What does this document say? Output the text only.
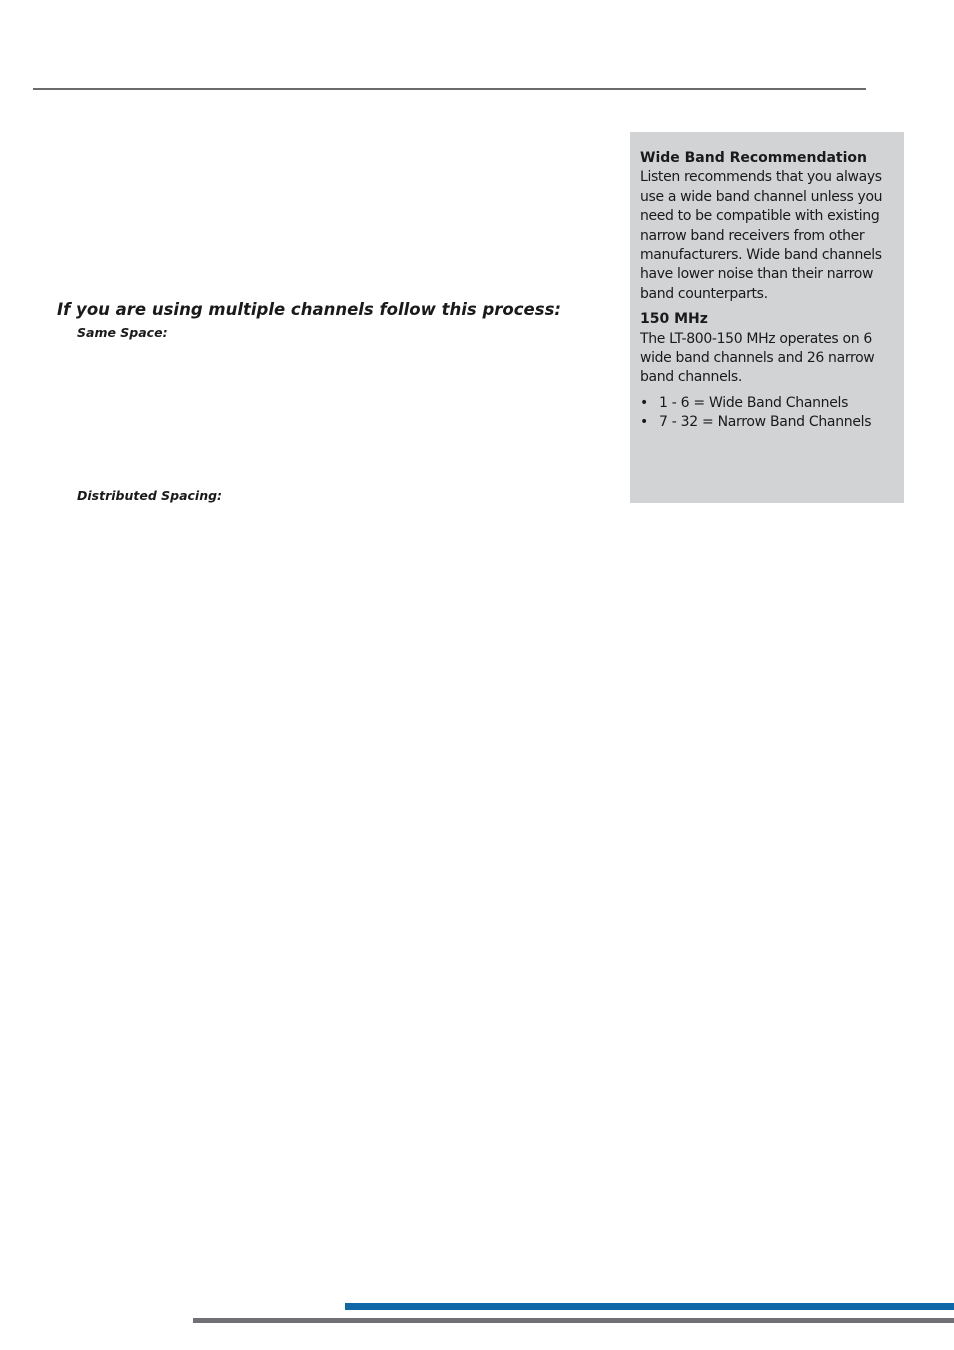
If you are using multiple channels follow this process:
Same Space:
Distributed Spacing:
Wide Band Recommendation

Listen recommends that you always
use a wide band channel unless you
need to be compatible with existing
narrow band receivers from other
manufacturers. Wide band channels
have lower noise than their narrow
band counterparts.

150 MHz

The LT-800-150 MHz operates on 6
wide band channels and 26 narrow
band channels.

• 1 - 6 = Wide Band Channels
• 7 - 32 = Narrow Band Channels
